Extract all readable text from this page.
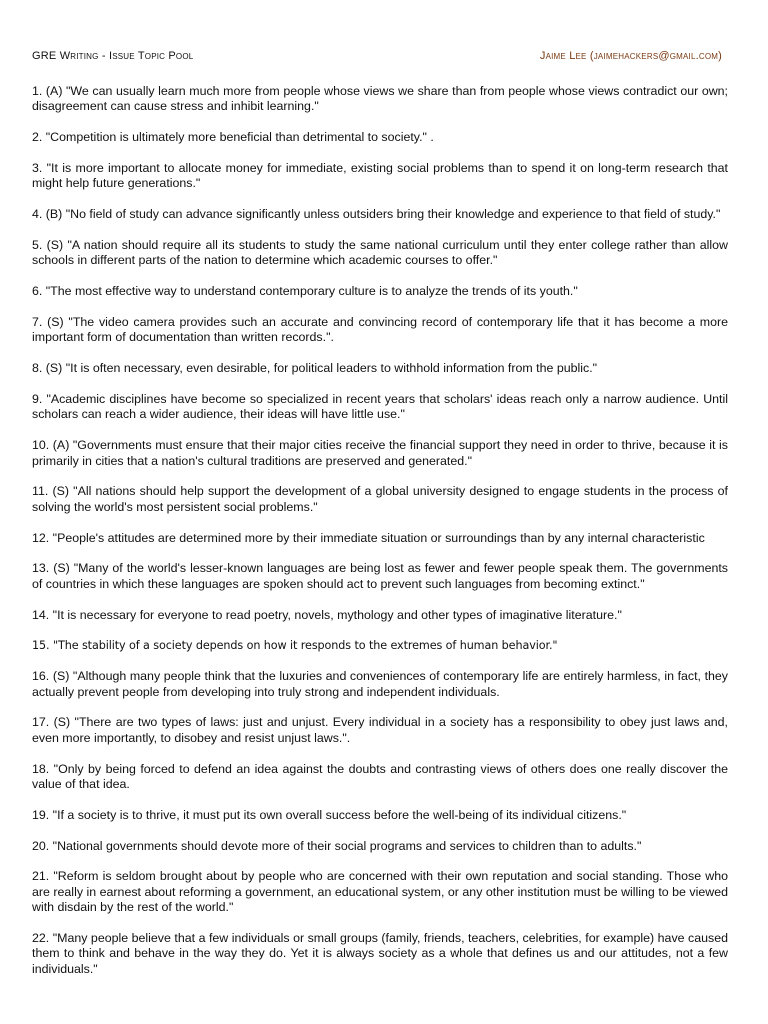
GRE Writing - Issue Topic Pool	Jaime Lee (jaimehackers@gmail.com)

1. (A) "We can usually learn much more from people whose views we share than from people whose views contradict our own; disagreement can cause stress and inhibit learning."

2. "Competition is ultimately more beneficial than detrimental to society." .

3. "It is more important to allocate money for immediate, existing social problems than to spend it on long-term research that might help future generations."

4. (B) "No field of study can advance significantly unless outsiders bring their knowledge and experience to that field of study."

5. (S) "A nation should require all its students to study the same national curriculum until they enter college rather than allow schools in different parts of the nation to determine which academic courses to offer."

6. "The most effective way to understand contemporary culture is to analyze the trends of its youth."

7. (S) "The video camera provides such an accurate and convincing record of contemporary life that it has become a more important form of documentation than written records.".

8. (S) "It is often necessary, even desirable, for political leaders to withhold information from the public."

9. "Academic disciplines have become so specialized in recent years that scholars' ideas reach only a narrow audience. Until scholars can reach a wider audience, their ideas will have little use."

10. (A) "Governments must ensure that their major cities receive the financial support they need in order to thrive, because it is primarily in cities that a nation's cultural traditions are preserved and generated."

11. (S) "All nations should help support the development of a global university designed to engage students in the process of solving the world's most persistent social problems."

12. "People's attitudes are determined more by their immediate situation or surroundings than by any internal characteristic

13. (S) "Many of the world's lesser-known languages are being lost as fewer and fewer people speak them. The governments of countries in which these languages are spoken should act to prevent such languages from becoming extinct."

14. "It is necessary for everyone to read poetry, novels, mythology and other types of imaginative literature."

15. "The stability of a society depends on how it responds to the extremes of human behavior."

16. (S) "Although many people think that the luxuries and conveniences of contemporary life are entirely harmless, in fact, they actually prevent people from developing into truly strong and independent individuals.

17. (S) "There are two types of laws: just and unjust. Every individual in a society has a responsibility to obey just laws and, even more importantly, to disobey and resist unjust laws.".

18. "Only by being forced to defend an idea against the doubts and contrasting views of others does one really discover the value of that idea.

19. "If a society is to thrive, it must put its own overall success before the well-being of its individual citizens."

20. "National governments should devote more of their social programs and services to children than to adults."

21. "Reform is seldom brought about by people who are concerned with their own reputation and social standing. Those who are really in earnest about reforming a government, an educational system, or any other institution must be willing to be viewed with disdain by the rest of the world."

22. "Many people believe that a few individuals or small groups (family, friends, teachers, celebrities, for example) have caused them to think and behave in the way they do. Yet it is always society as a whole that defines us and our attitudes, not a few individuals."
